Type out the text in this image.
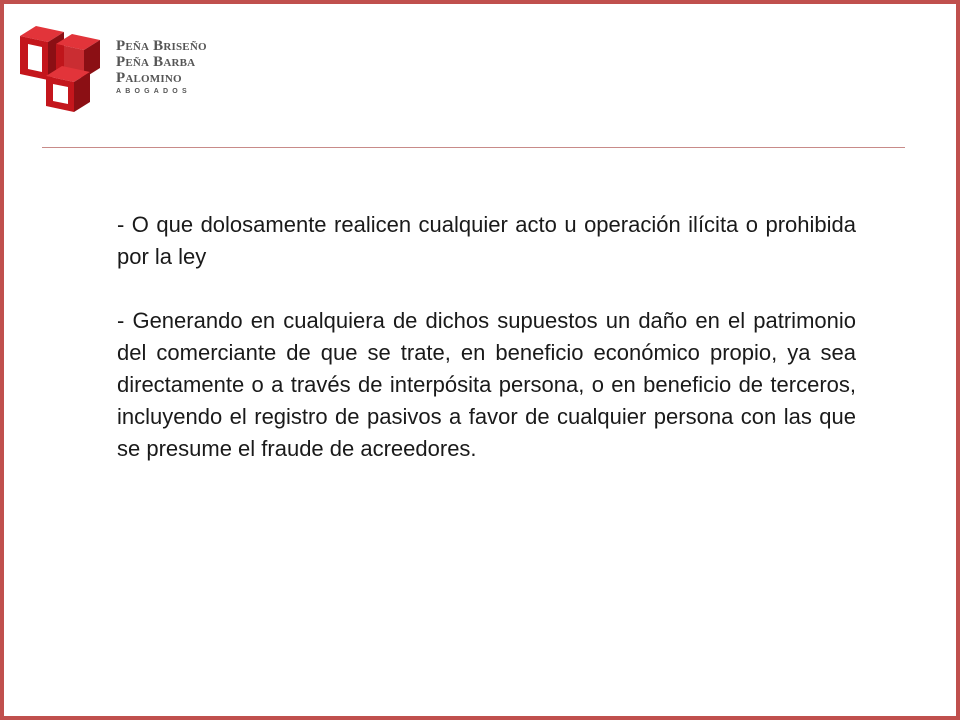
Peña Briseño
Peña Barba
Palomino
ABOGADOS

- O que dolosamente realicen cualquier acto u operación ilícita o prohibida por la ley

- Generando en cualquiera de dichos supuestos un daño en el patrimonio del comerciante de que se trate, en beneficio económico propio, ya sea directamente o a través de interpósita persona, o en beneficio de terceros, incluyendo el registro de pasivos a favor de cualquier persona con las que se presume el fraude de acreedores.
